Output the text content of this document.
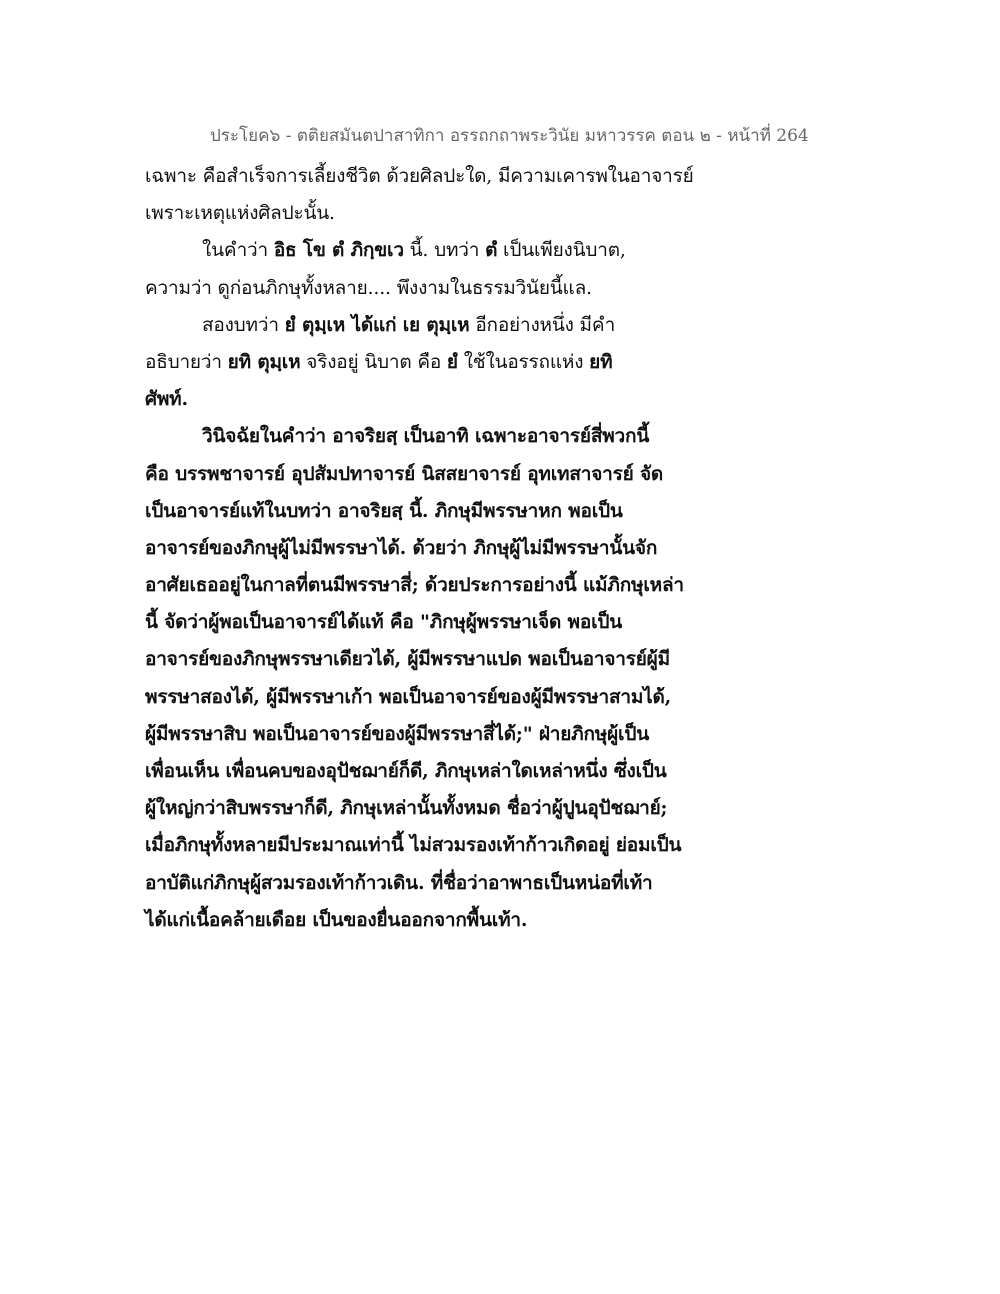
ประโยค๖ - ตติยสมันตปาสาทิกา อรรถกถาพระวินัย มหาวรรค ตอน ๒ - หน้าที่ 264
เฉพาะ คือสำเร็จการเลี้ยงชีวิต ด้วยศิลปะใด, มีความเคารพในอาจารย์
เพราะเหตุแห่งศิลปะนั้น.
ในคำว่า อิธ โข ตํ ภิกฺขเว นี้. บทว่า ตํ เป็นเพียงนิบาต,
ความว่า ดูก่อนภิกษุทั้งหลาย.... พึงงามในธรรมวินัยนี้แล.
สองบทว่า ยํ ตุมฺเห ได้แก่ เย ตุมฺเห อีกอย่างหนึ่ง มีคำ
อธิบายว่า ยทิ ตุมฺเห จริงอยู่ นิบาต คือ ยํ ใช้ในอรรถแห่ง ยทิ
ศัพท์.
วินิจฉัยในคำว่า อาจริยสฺ เป็นอาทิ เฉพาะอาจารย์สี่พวกนี้
คือ บรรพชาจารย์ อุปสัมปทาจารย์ นิสสยาจารย์ อุทเทสาจารย์ จัด
เป็นอาจารย์แท้ในบทว่า อาจริยสฺ นี้. ภิกษุมีพรรษาหก พอเป็น
อาจารย์ของภิกษุผู้ไม่มีพรรษาได้. ด้วยว่า ภิกษุผู้ไม่มีพรรษานั้นจัก
อาศัยเธออยู่ในกาลที่ตนมีพรรษาสี่; ด้วยประการอย่างนี้ แม้ภิกษุเหล่า
นี้ จัดว่าผู้พอเป็นอาจารย์ได้แท้ คือ "ภิกษุผู้พรรษาเจ็ด พอเป็น
อาจารย์ของภิกษุพรรษาเดียวได้, ผู้มีพรรษาแปด พอเป็นอาจารย์ผู้มี
พรรษาสองได้, ผู้มีพรรษาเก้า พอเป็นอาจารย์ของผู้มีพรรษาสามได้,
ผู้มีพรรษาสิบ พอเป็นอาจารย์ของผู้มีพรรษาสี่ได้;" ฝ่ายภิกษุผู้เป็น
เพื่อนเห็น เพื่อนคบของอุปัชฌาย์ก็ดี, ภิกษุเหล่าใดเหล่าหนึ่ง ซึ่งเป็น
ผู้ใหญ่กว่าสิบพรรษาก็ดี, ภิกษุเหล่านั้นทั้งหมด ชื่อว่าผู้ปูนอุปัชฌาย์;
เมื่อภิกษุทั้งหลายมีประมาณเท่านี้ ไม่สวมรองเท้าก้าวเกิดอยู่ ย่อมเป็น
อาบัติแก่ภิกษุผู้สวมรองเท้าก้าวเดิน. ที่ชื่อว่าอาพาธเป็นหน่อที่เท้า
ได้แก่เนื้อคล้ายเดือย เป็นของยื่นออกจากพื้นเท้า.
